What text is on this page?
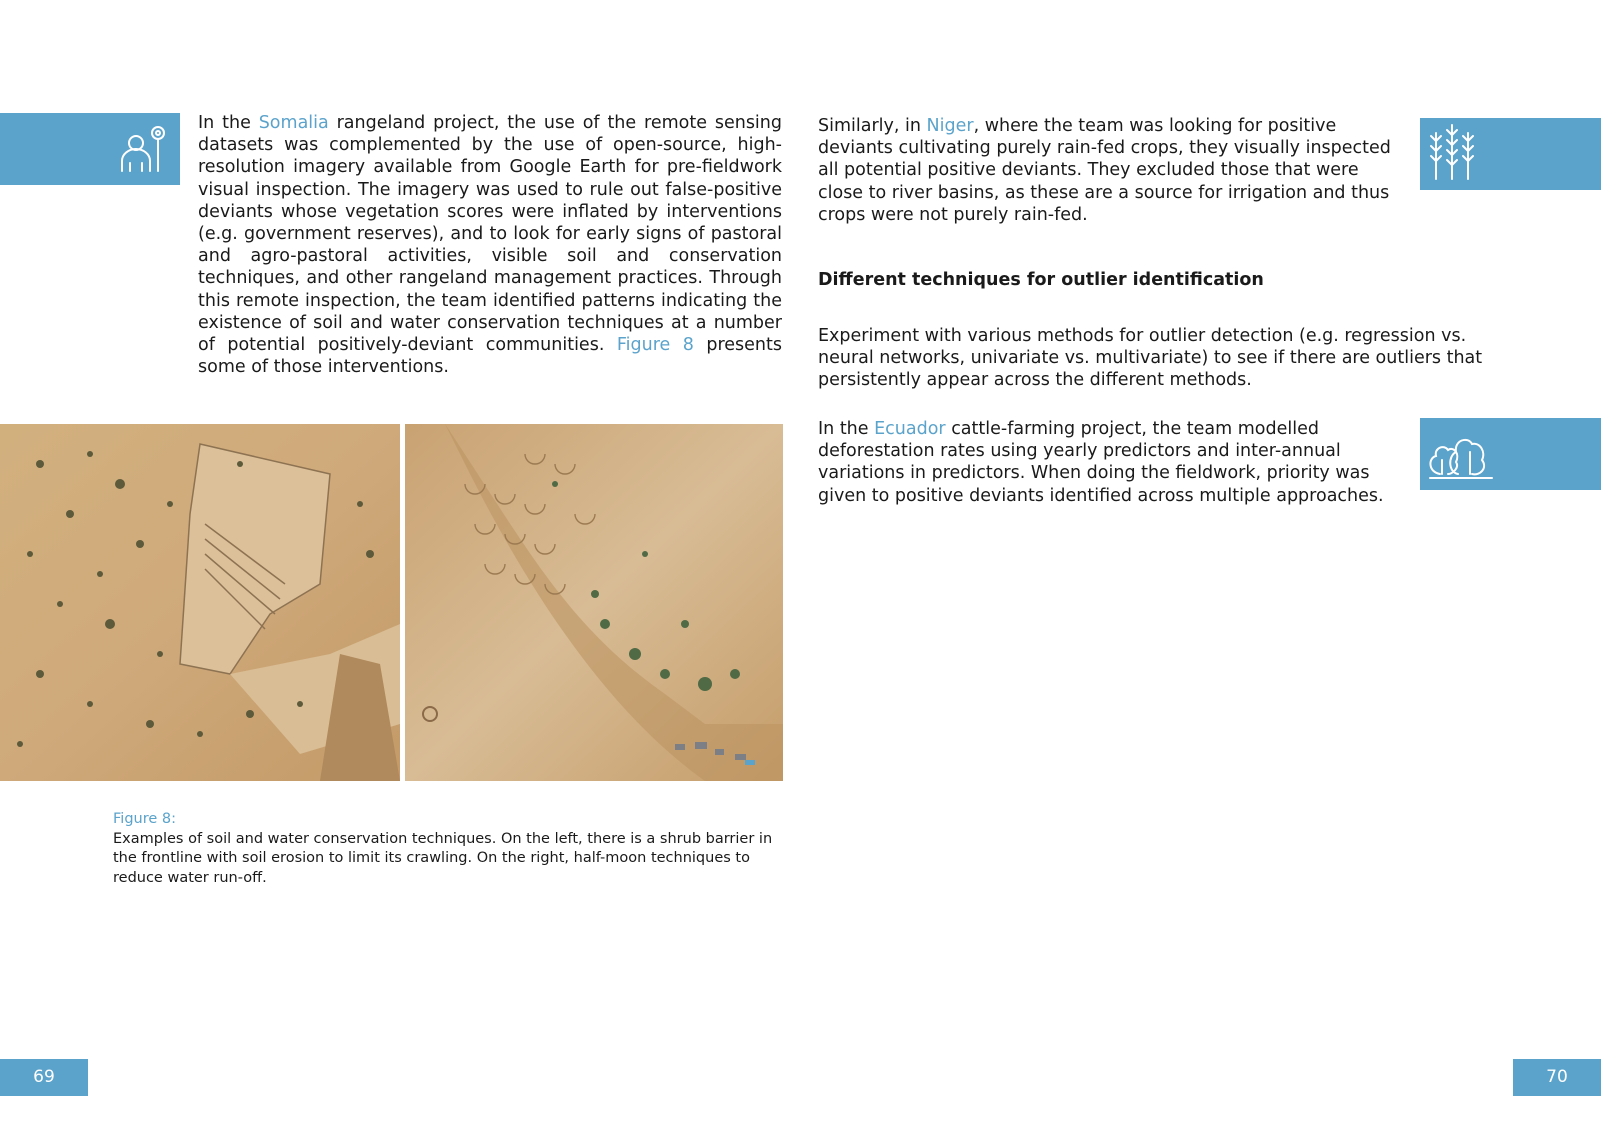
In the Somalia rangeland project, the use of the remote sensing datasets was complemented by the use of open-source, high-resolution imagery available from Google Earth for pre-fieldwork visual inspection. The imagery was used to rule out false-positive deviants whose vegetation scores were inflated by interventions (e.g. government reserves), and to look for early signs of pastoral and agro-pastoral activities, visible soil and conservation techniques, and other rangeland management practices. Through this remote inspection, the team identified patterns indicating the existence of soil and water conservation techniques at a number of potential positively-deviant communities. Figure 8 presents some of those interventions.

Figure 8:
Examples of soil and water conservation techniques. On the left, there is a shrub barrier in the frontline with soil erosion to limit its crawling. On the right, half-moon techniques to reduce water run-off.

69

Similarly, in Niger, where the team was looking for positive deviants cultivating purely rain-fed crops, they visually inspected all potential positive deviants. They excluded those that were close to river basins, as these are a source for irrigation and thus crops were not purely rain-fed.

Different techniques for outlier identification

Experiment with various methods for outlier detection (e.g. regression vs. neural networks, univariate vs. multivariate) to see if there are outliers that persistently appear across the different methods.

In the Ecuador cattle-farming project, the team modelled deforestation rates using yearly predictors and inter-annual variations in predictors. When doing the fieldwork, priority was given to positive deviants identified across multiple approaches.

70
